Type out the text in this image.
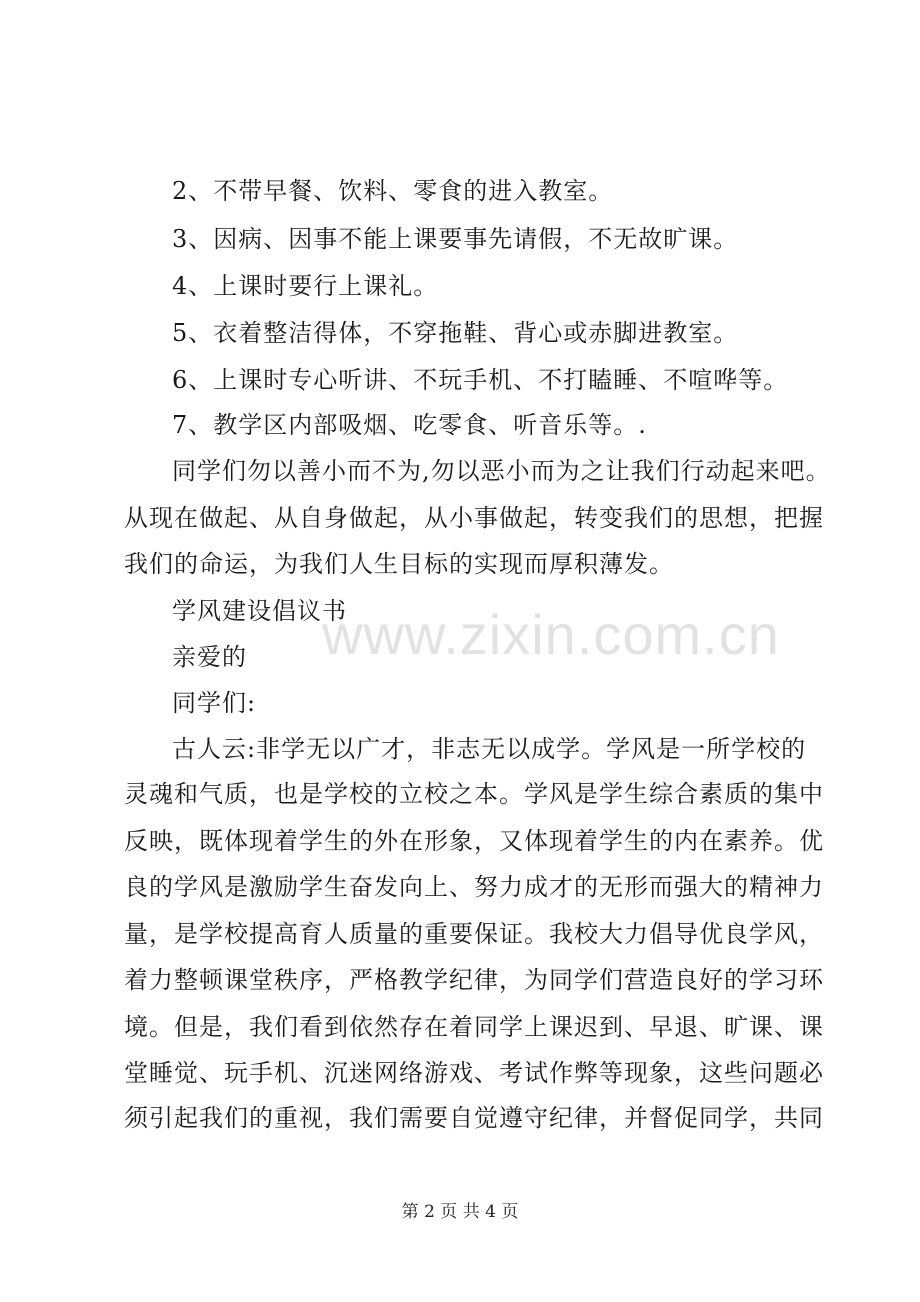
2、不带早餐、饮料、零食的进入教室。
3、因病、因事不能上课要事先请假，不无故旷课。
4、上课时要行上课礼。
5、衣着整洁得体，不穿拖鞋、背心或赤脚进教室。
6、上课时专心听讲、不玩手机、不打瞌睡、不喧哗等。
7、教学区内部吸烟、吃零食、听音乐等。.
同学们勿以善小而不为,勿以恶小而为之让我们行动起来吧。
从现在做起、从自身做起，从小事做起，转变我们的思想，把握
我们的命运，为我们人生目标的实现而厚积薄发。
学风建设倡议书
亲爱的
同学们:
古人云:非学无以广才，非志无以成学。学风是一所学校的
灵魂和气质，也是学校的立校之本。学风是学生综合素质的集中
反映，既体现着学生的外在形象，又体现着学生的内在素养。优
良的学风是激励学生奋发向上、努力成才的无形而强大的精神力
量，是学校提高育人质量的重要保证。我校大力倡导优良学风，
着力整顿课堂秩序，严格教学纪律，为同学们营造良好的学习环
境。但是，我们看到依然存在着同学上课迟到、早退、旷课、课
堂睡觉、玩手机、沉迷网络游戏、考试作弊等现象，这些问题必
须引起我们的重视，我们需要自觉遵守纪律，并督促同学，共同
www.zixin.com.cn
第 2 页 共 4 页
